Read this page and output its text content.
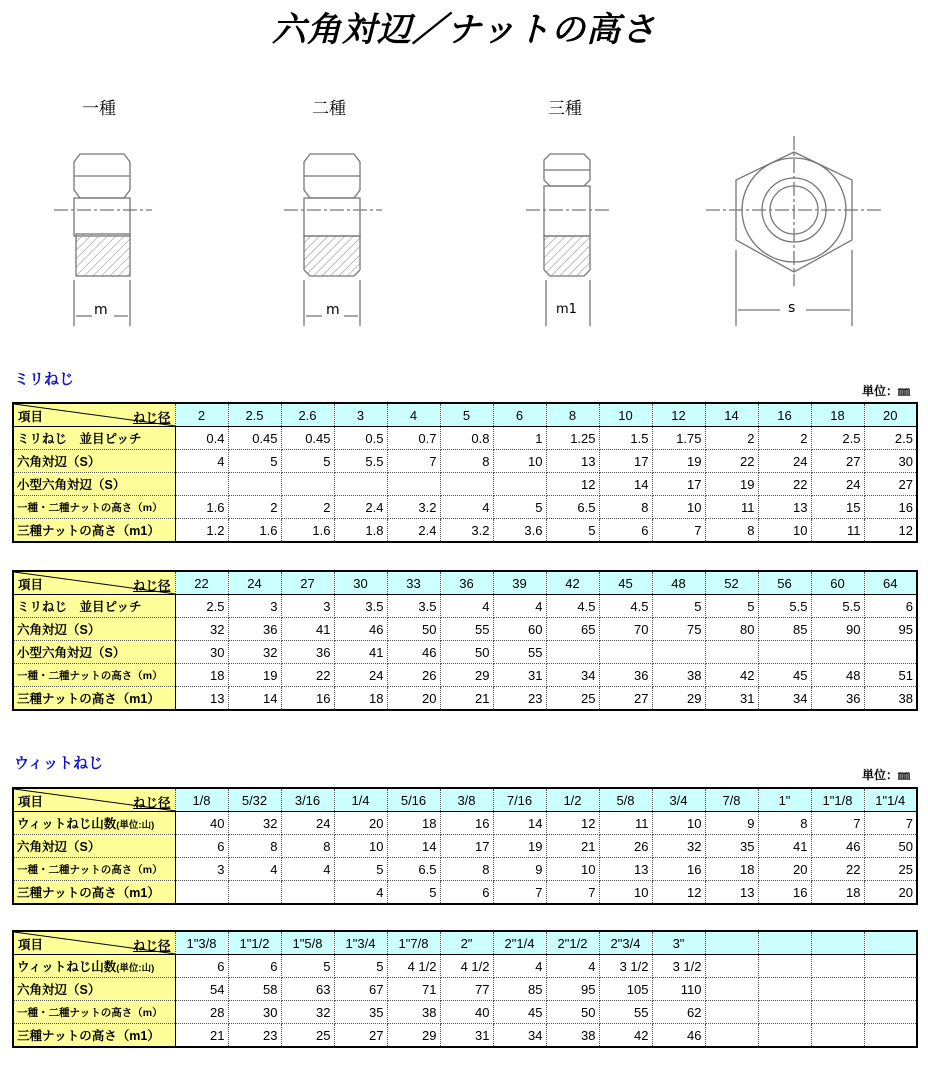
六角対辺／ナットの高さ
一種	二種	三種
m	m	m1	s
ミリねじ
単位：㎜
項目 ねじ径	2	2.5	2.6	3	4	5	6	8	10	12	14	16	18	20
ミリねじ　並目ピッチ	0.4	0.45	0.45	0.5	0.7	0.8	1	1.25	1.5	1.75	2	2	2.5	2.5
六角対辺（S）	4	5	5	5.5	7	8	10	13	17	19	22	24	27	30
小型六角対辺（S）								12	14	17	19	22	24	27
一種・二種ナットの高さ（m）	1.6	2	2	2.4	3.2	4	5	6.5	8	10	11	13	15	16
三種ナットの高さ（m1）	1.2	1.6	1.6	1.8	2.4	3.2	3.6	5	6	7	8	10	11	12
項目 ねじ径	22	24	27	30	33	36	39	42	45	48	52	56	60	64
ミリねじ　並目ピッチ	2.5	3	3	3.5	3.5	4	4	4.5	4.5	5	5	5.5	5.5	6
六角対辺（S）	32	36	41	46	50	55	60	65	70	75	80	85	90	95
小型六角対辺（S）	30	32	36	41	46	50	55							
一種・二種ナットの高さ（m）	18	19	22	24	26	29	31	34	36	38	42	45	48	51
三種ナットの高さ（m1）	13	14	16	18	20	21	23	25	27	29	31	34	36	38
ウィットねじ
単位：㎜
項目 ねじ径	1/8	5/32	3/16	1/4	5/16	3/8	7/16	1/2	5/8	3/4	7/8	1"	1"1/8	1"1/4
ウィットねじ山数(単位:山)	40	32	24	20	18	16	14	12	11	10	9	8	7	7
六角対辺（S）	6	8	8	10	14	17	19	21	26	32	35	41	46	50
一種・二種ナットの高さ（m）	3	4	4	5	6.5	8	9	10	13	16	18	20	22	25
三種ナットの高さ（m1）				4	5	6	7	7	10	12	13	16	18	20
項目 ねじ径	1"3/8	1"1/2	1"5/8	1"3/4	1"7/8	2"	2"1/4	2"1/2	2"3/4	3"				
ウィットねじ山数(単位:山)	6	6	5	5	4 1/2	4 1/2	4	4	3 1/2	3 1/2				
六角対辺（S）	54	58	63	67	71	77	85	95	105	110				
一種・二種ナットの高さ（m）	28	30	32	35	38	40	45	50	55	62				
三種ナットの高さ（m1）	21	23	25	27	29	31	34	38	42	46				
